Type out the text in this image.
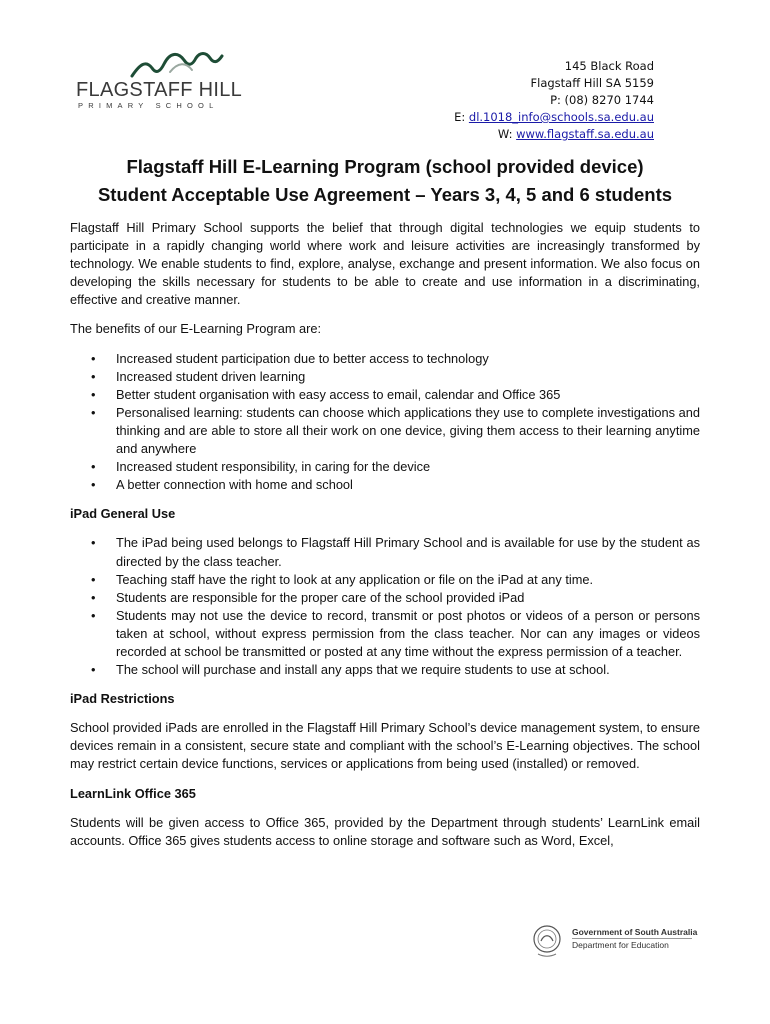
FLAGSTAFF HILL
PRIMARY SCHOOL
145 Black Road
Flagstaff Hill SA 5159
P: (08) 8270 1744
E: dl.1018_info@schools.sa.edu.au
W: www.flagstaff.sa.edu.au
Flagstaff Hill E-Learning Program (school provided device)
Student Acceptable Use Agreement – Years 3, 4, 5 and 6 students

Flagstaff Hill Primary School supports the belief that through digital technologies we equip students to participate in a rapidly changing world where work and leisure activities are increasingly transformed by technology. We enable students to find, explore, analyse, exchange and present information. We also focus on developing the skills necessary for students to be able to create and use information in a discriminating, effective and creative manner.

The benefits of our E-Learning Program are:

• Increased student participation due to better access to technology
• Increased student driven learning
• Better student organisation with easy access to email, calendar and Office 365
• Personalised learning: students can choose which applications they use to complete investigations and thinking and are able to store all their work on one device, giving them access to their learning anytime and anywhere
• Increased student responsibility, in caring for the device
• A better connection with home and school
iPad General Use
• The iPad being used belongs to Flagstaff Hill Primary School and is available for use by the student as directed by the class teacher.
• Teaching staff have the right to look at any application or file on the iPad at any time.
• Students are responsible for the proper care of the school provided iPad
• Students may not use the device to record, transmit or post photos or videos of a person or persons taken at school, without express permission from the class teacher. Nor can any images or videos recorded at school be transmitted or posted at any time without the express permission of a teacher.
• The school will purchase and install any apps that we require students to use at school.
iPad Restrictions

School provided iPads are enrolled in the Flagstaff Hill Primary School’s device management system, to ensure devices remain in a consistent, secure state and compliant with the school’s E-Learning objectives. The school may restrict certain device functions, services or applications from being used (installed) or removed.

LearnLink Office 365

Students will be given access to Office 365, provided by the Department through students’ LearnLink email accounts. Office 365 gives students access to online storage and software such as Word, Excel,

Government of South Australia
Department for Education
